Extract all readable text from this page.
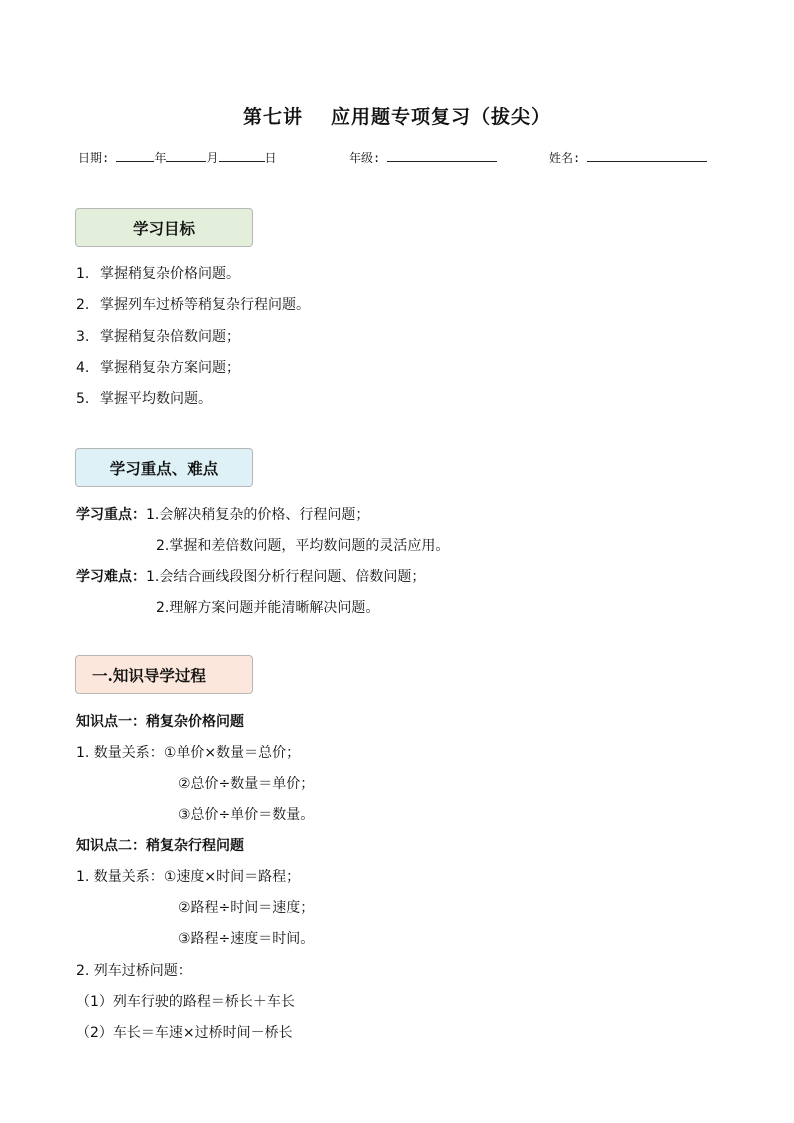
第七讲 应用题专项复习（拔尖）
日期:	年	月	日	年级:	姓名:
学习目标
1. 掌握稍复杂价格问题。
2. 掌握列车过桥等稍复杂行程问题。
3. 掌握稍复杂倍数问题；
4. 掌握稍复杂方案问题；
5. 掌握平均数问题。
学习重点、难点
学习重点：1.会解决稍复杂的价格、行程问题；
2.掌握和差倍数问题，平均数问题的灵活应用。
学习难点：1.会结合画线段图分析行程问题、倍数问题；
2.理解方案问题并能清晰解决问题。
一.知识导学过程
知识点一：稍复杂价格问题
1. 数量关系：①单价×数量＝总价；
②总价÷数量＝单价；
③总价÷单价＝数量。
知识点二：稍复杂行程问题
1. 数量关系：①速度×时间＝路程；
②路程÷时间＝速度；
③路程÷速度＝时间。
2. 列车过桥问题：
（1）列车行驶的路程＝桥长＋车长
（2）车长＝车速×过桥时间－桥长
